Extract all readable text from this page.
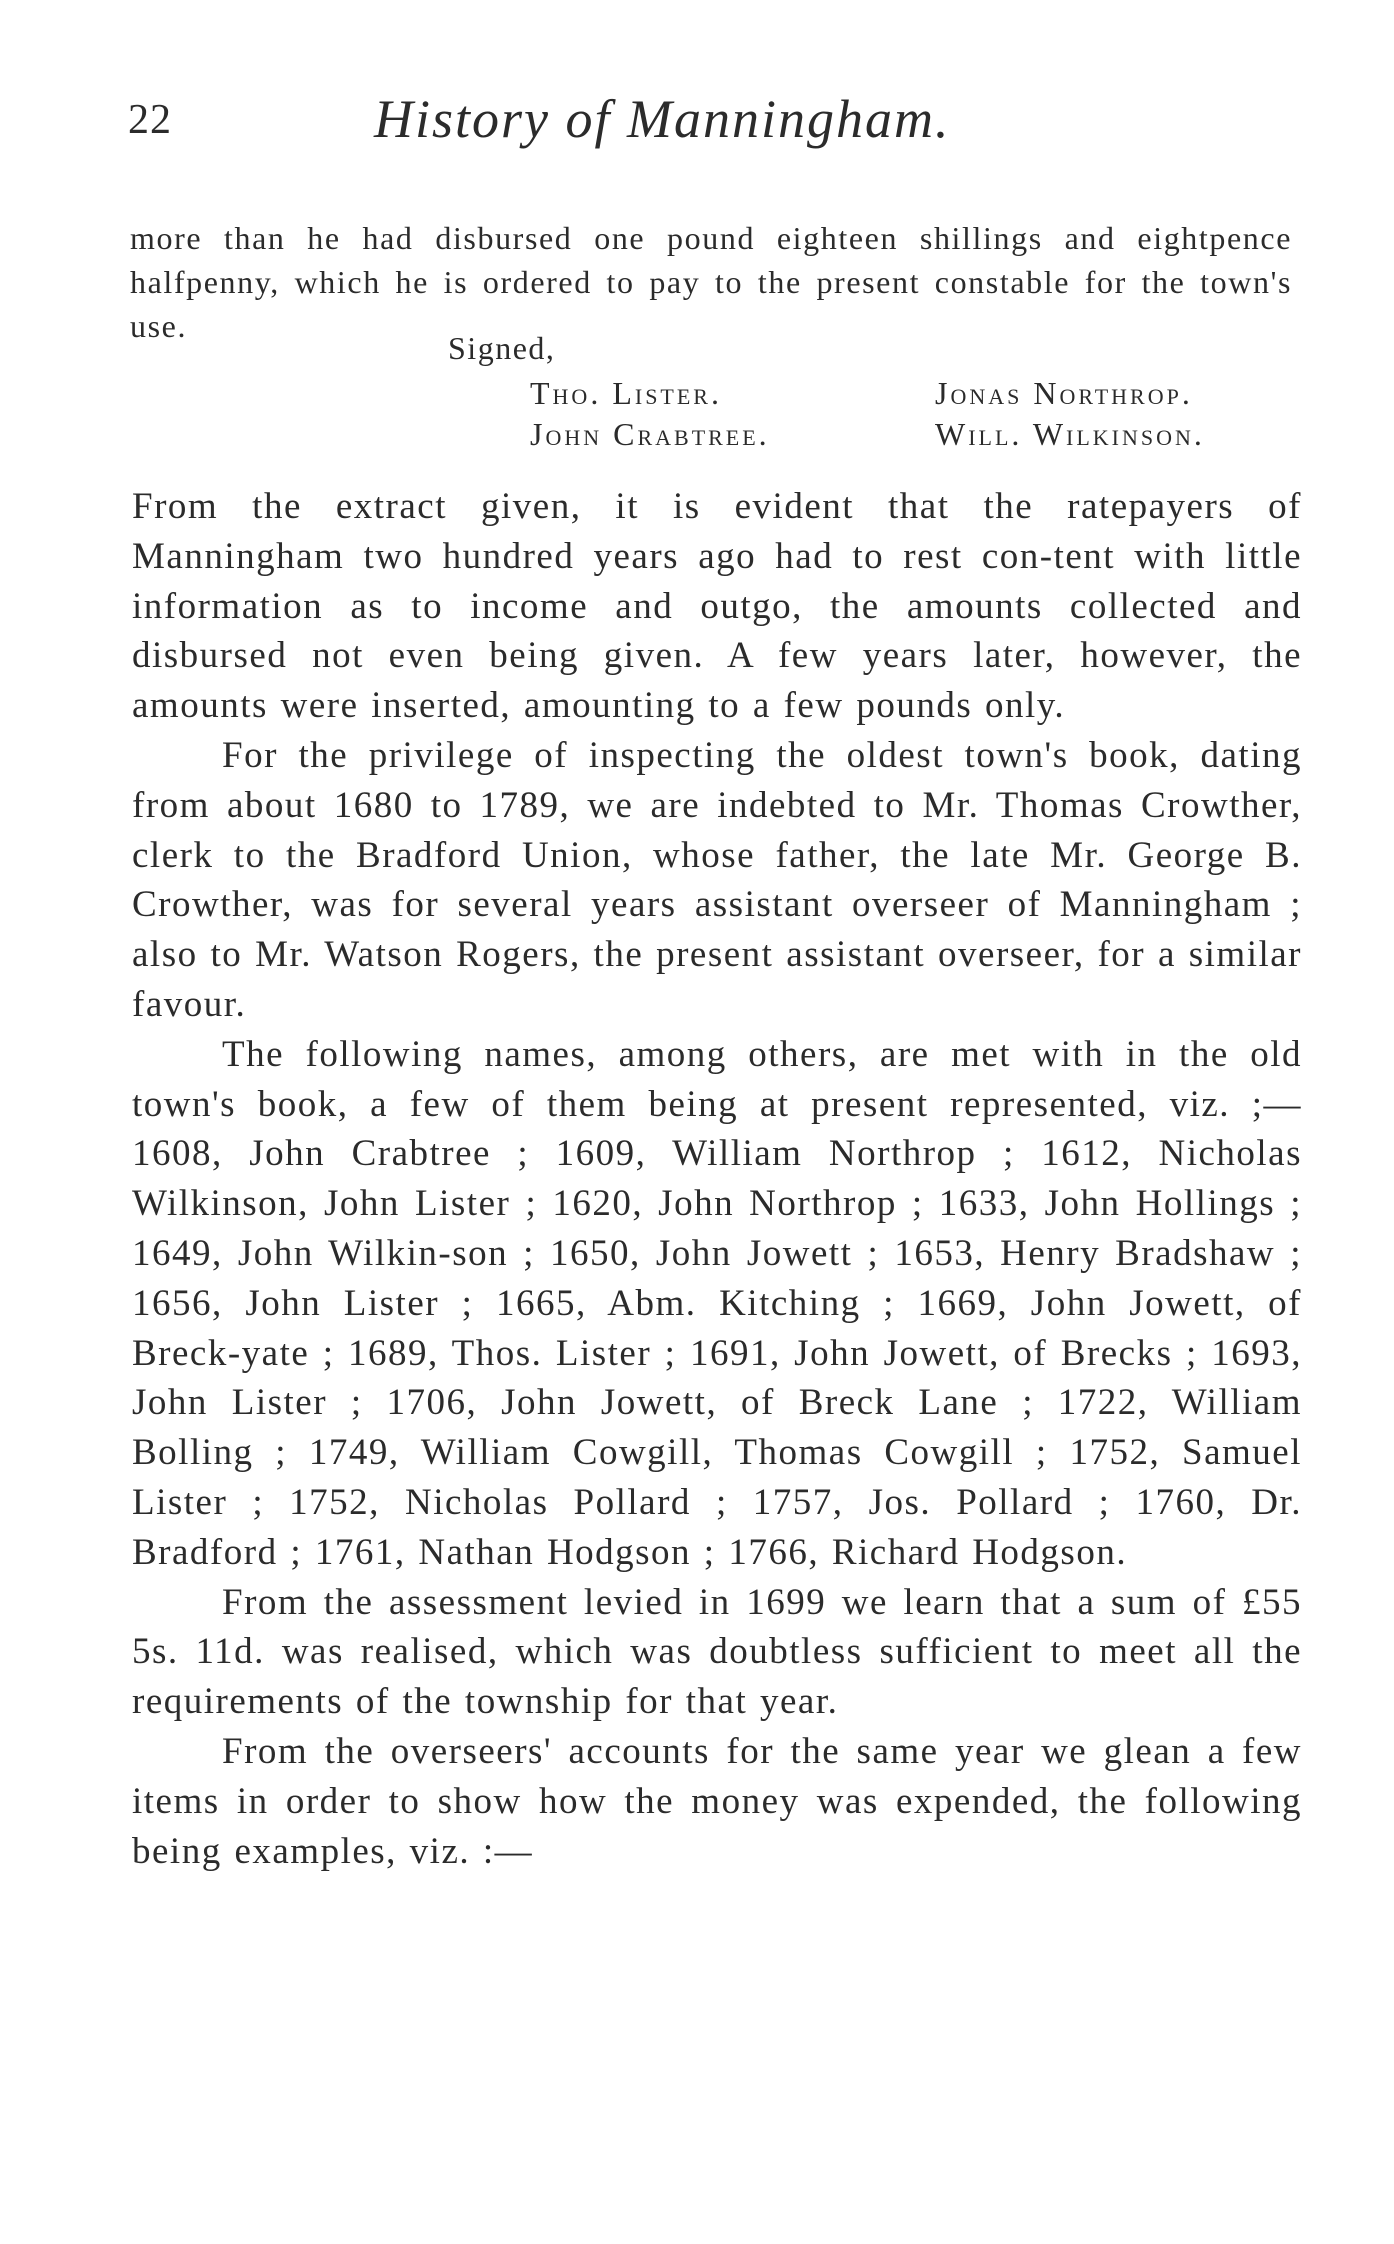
22	History of Manningham.

more than he had disbursed one pound eighteen shillings and eightpence halfpenny, which he is ordered to pay to the present constable for the town's use.

Signed,
Tho. Lister.	Jonas Northrop.
John Crabtree.	Will. Wilkinson.

From the extract given, it is evident that the ratepayers of Manningham two hundred years ago had to rest con-tent with little information as to income and outgo, the amounts collected and disbursed not even being given. A few years later, however, the amounts were inserted, amounting to a few pounds only.

For the privilege of inspecting the oldest town's book, dating from about 1680 to 1789, we are indebted to Mr. Thomas Crowther, clerk to the Bradford Union, whose father, the late Mr. George B. Crowther, was for several years assistant overseer of Manningham ; also to Mr. Watson Rogers, the present assistant overseer, for a similar favour.

The following names, among others, are met with in the old town's book, a few of them being at present represented, viz. ;— 1608, John Crabtree ; 1609, William Northrop ; 1612, Nicholas Wilkinson, John Lister ; 1620, John Northrop ; 1633, John Hollings ; 1649, John Wilkin-son ; 1650, John Jowett ; 1653, Henry Bradshaw ; 1656, John Lister ; 1665, Abm. Kitching ; 1669, John Jowett, of Breck-yate ; 1689, Thos. Lister ; 1691, John Jowett, of Brecks ; 1693, John Lister ; 1706, John Jowett, of Breck Lane ; 1722, William Bolling ; 1749, William Cowgill, Thomas Cowgill ; 1752, Samuel Lister ; 1752, Nicholas Pollard ; 1757, Jos. Pollard ; 1760, Dr. Bradford ; 1761, Nathan Hodgson ; 1766, Richard Hodgson.

From the assessment levied in 1699 we learn that a sum of £55 5s. 11d. was realised, which was doubtless sufficient to meet all the requirements of the township for that year.

From the overseers' accounts for the same year we glean a few items in order to show how the money was expended, the following being examples, viz. :—
